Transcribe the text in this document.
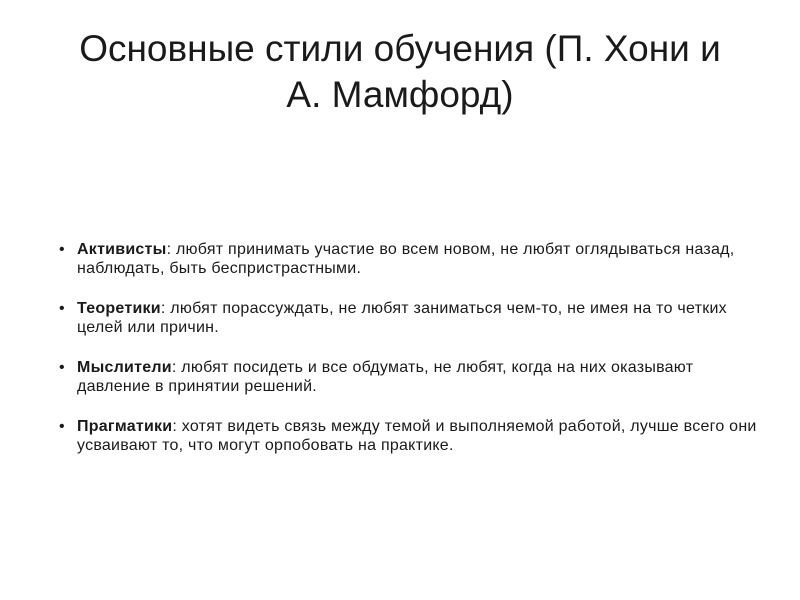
Основные стили обучения (П. Хони и А. Мамфорд)
• Активисты: любят принимать участие во всем новом, не любят оглядываться назад, наблюдать, быть беспристрастными.
• Теоретики: любят порассуждать, не любят заниматься чем-то, не имея на то четких целей или причин.
• Мыслители: любят посидеть и все обдумать, не любят, когда на них оказывают давление в принятии решений.
• Прагматики: хотят видеть связь между темой и выполняемой работой, лучше всего они усваивают то, что могут орпобовать на практике.
